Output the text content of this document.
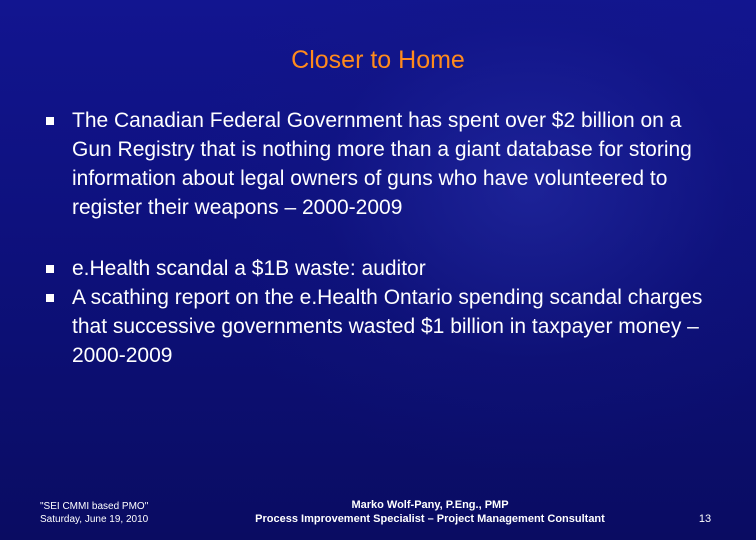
Closer to Home
The Canadian Federal Government has spent over $2 billion on a Gun Registry that is nothing more than a giant database for storing information about legal owners of guns who have volunteered to register their weapons – 2000-2009
e.Health scandal a $1B waste: auditor
A scathing report on the e.Health Ontario spending scandal charges that successive governments wasted $1 billion in taxpayer money – 2000-2009
"SEI CMMI based PMO"
Saturday, June 19, 2010
Marko Wolf-Pany, P.Eng., PMP
Process Improvement Specialist – Project Management Consultant	13
